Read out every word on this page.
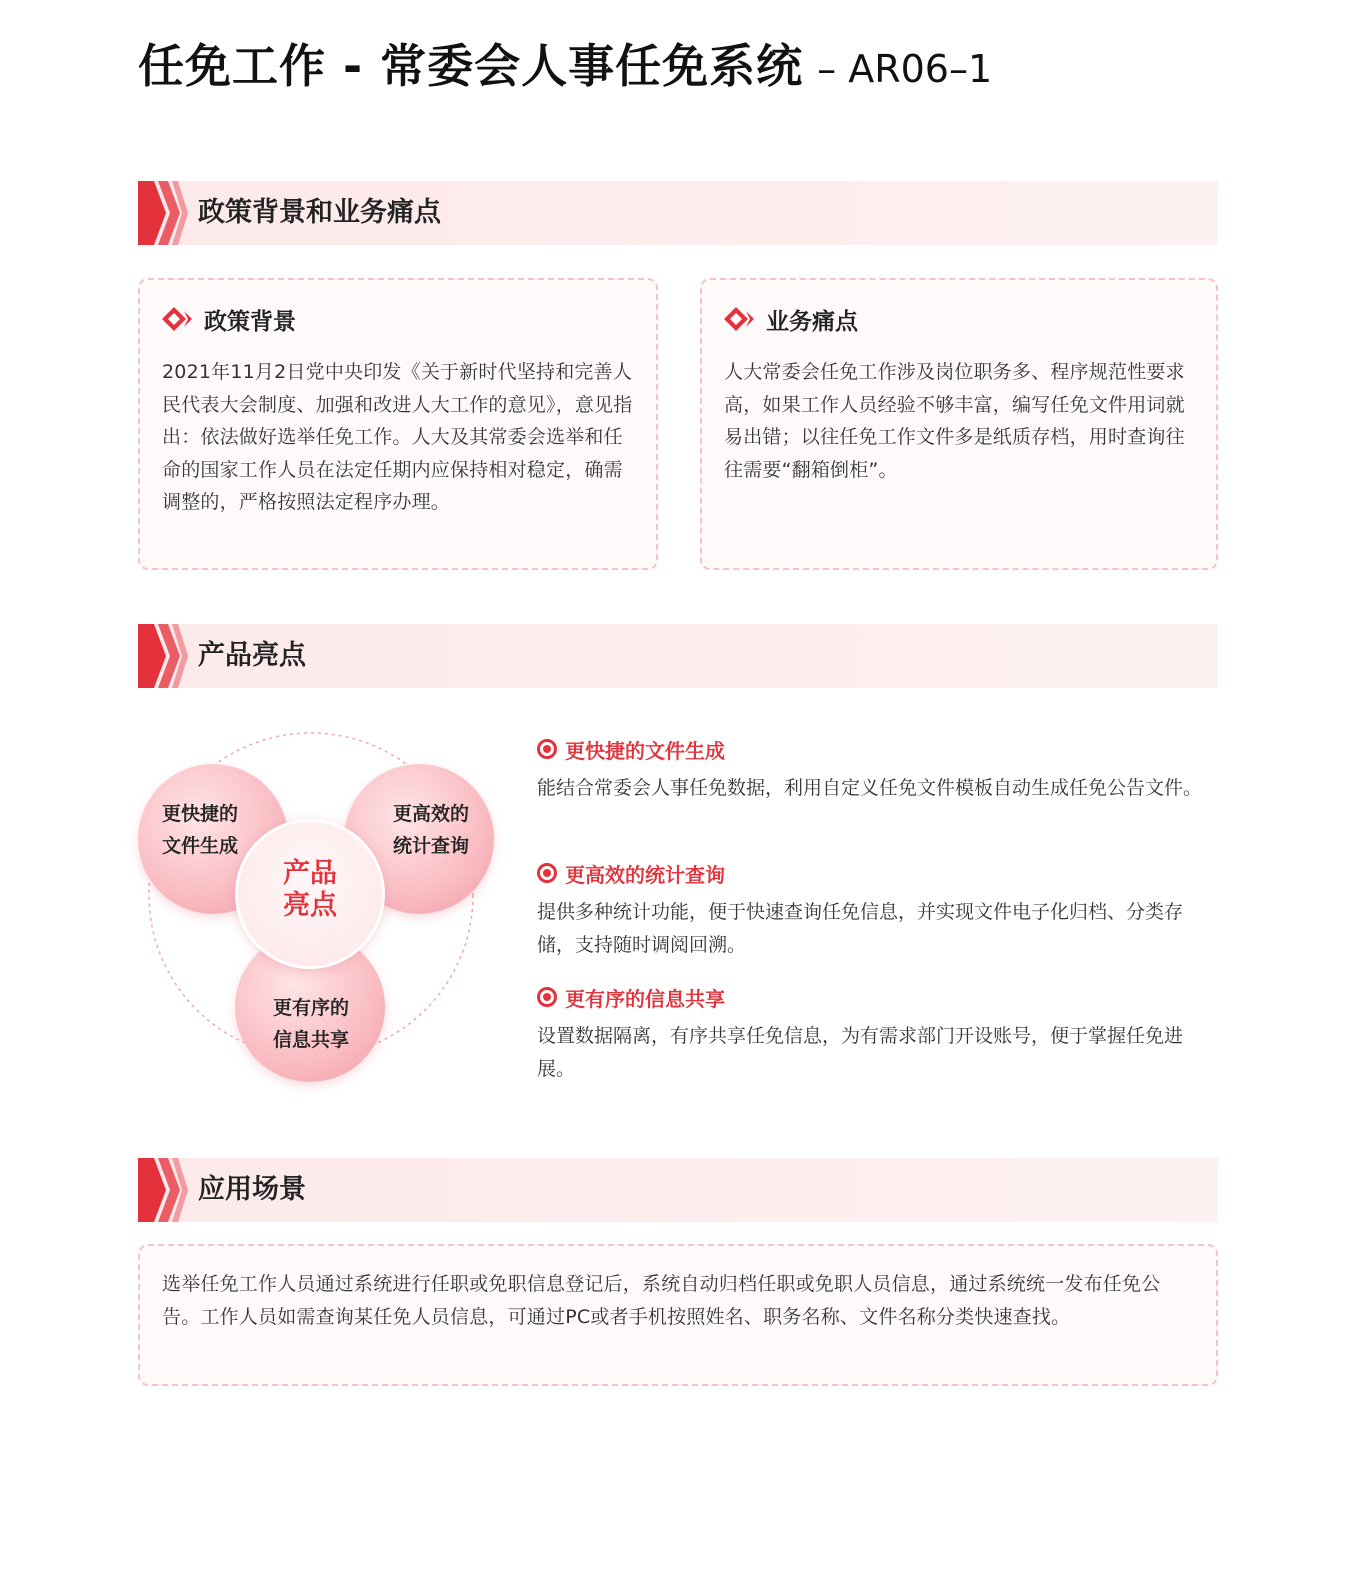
任免工作 - 常委会人事任免系统 – AR06–1
政策背景和业务痛点
政策背景
2021年11月2日党中央印发《关于新时代坚持和完善人民代表大会制度、加强和改进人大工作的意见》，意见指出：依法做好选举任免工作。人大及其常委会选举和任命的国家工作人员在法定任期内应保持相对稳定，确需调整的，严格按照法定程序办理。
业务痛点
人大常委会任免工作涉及岗位职务多、程序规范性要求高，如果工作人员经验不够丰富，编写任免文件用词就易出错；以往任免工作文件多是纸质存档，用时查询往往需要“翻箱倒柜”。
产品亮点
更快捷的
文件生成
更高效的
统计查询
更有序的
信息共享
产品
亮点
更快捷的文件生成
能结合常委会人事任免数据，利用自定义任免文件模板自动生成任免公告文件。
更高效的统计查询
提供多种统计功能，便于快速查询任免信息，并实现文件电子化归档、分类存储，支持随时调阅回溯。
更有序的信息共享
设置数据隔离，有序共享任免信息，为有需求部门开设账号，便于掌握任免进展。
应用场景
选举任免工作人员通过系统进行任职或免职信息登记后，系统自动归档任职或免职人员信息，通过系统统一发布任免公告。工作人员如需查询某任免人员信息，可通过PC或者手机按照姓名、职务名称、文件名称分类快速查找。
